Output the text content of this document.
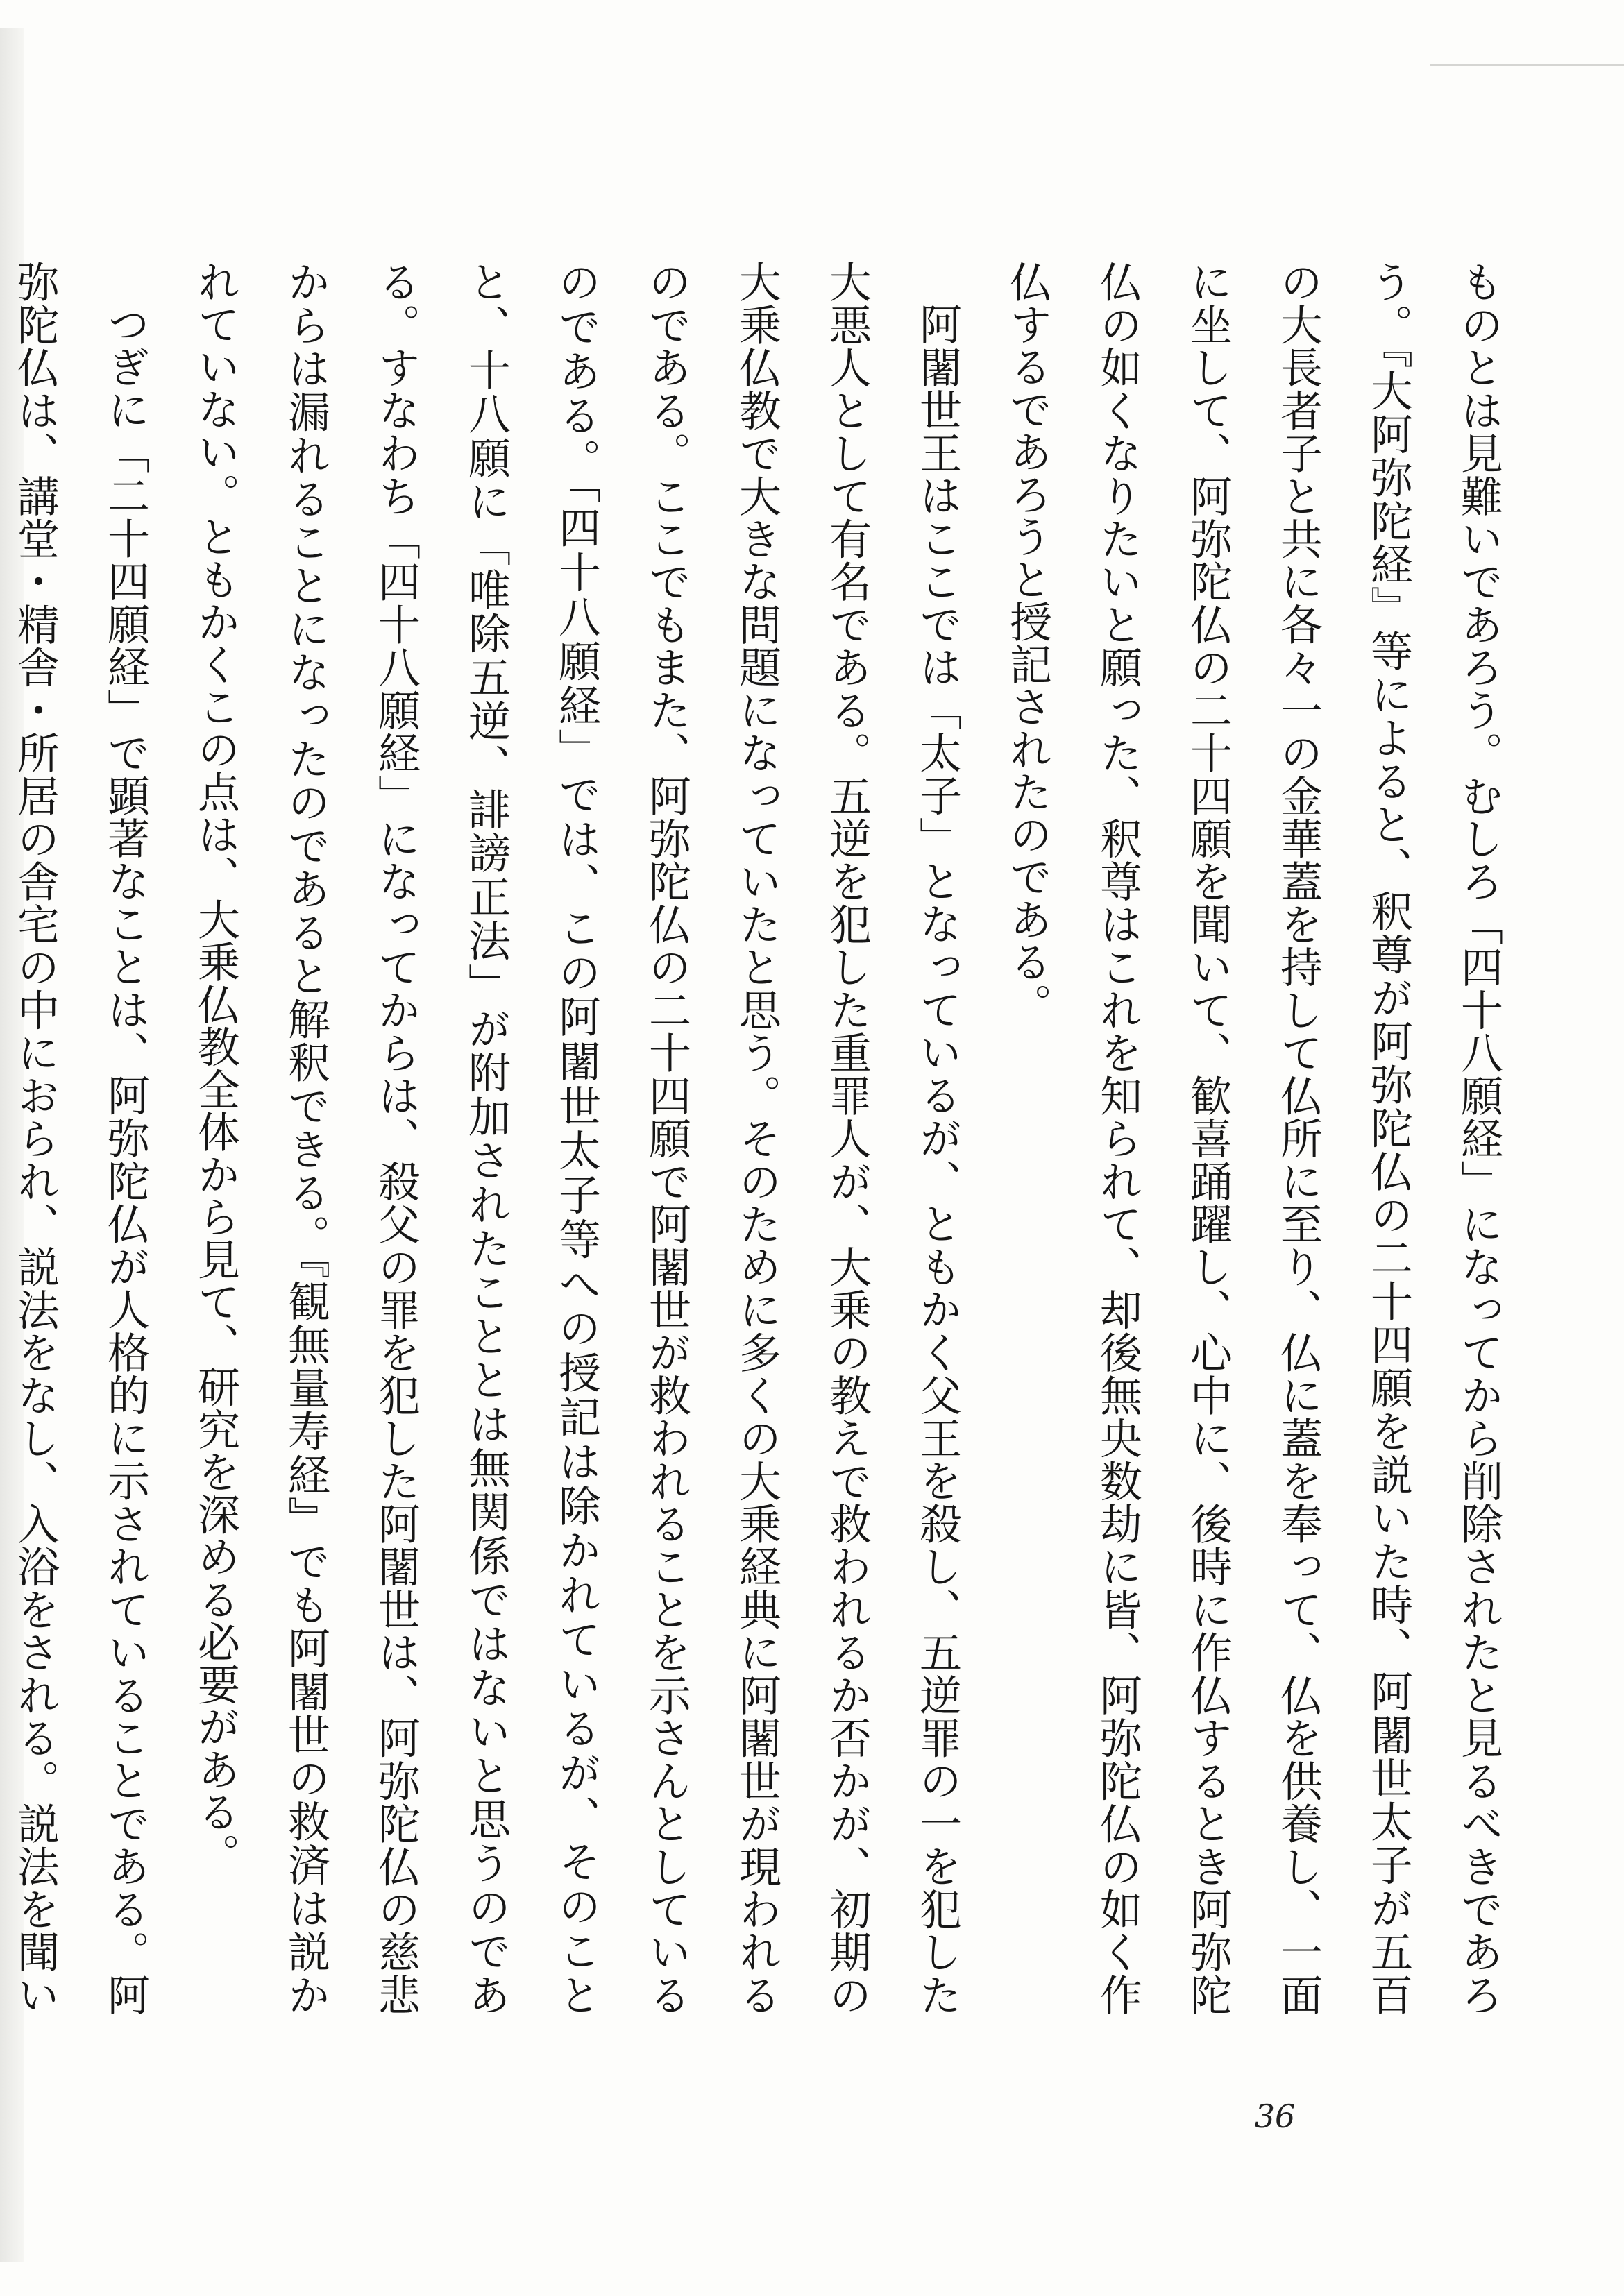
ものとは見難いであろう。むしろ「四十八願経」になってから削除されたと見るべきであろう。『大阿弥陀経』等によると、釈尊が阿弥陀仏の二十四願を説いた時、阿闍世太子が五百の大長者子と共に各々一の金華蓋を持して仏所に至り、仏に蓋を奉って、仏を供養し、一面に坐して、阿弥陀仏の二十四願を聞いて、歓喜踊躍し、心中に、後時に作仏するとき阿弥陀仏の如くなりたいと願った、釈尊はこれを知られて、却後無央数劫に皆、阿弥陀仏の如く作仏するであろうと授記されたのである。

阿闍世王はここでは「太子」となっているが、ともかく父王を殺し、五逆罪の一を犯した大悪人として有名である。五逆を犯した重罪人が、大乗の教えで救われるか否かが、初期の大乗仏教で大きな問題になっていたと思う。そのために多くの大乗経典に阿闍世が現われるのである。ここでもまた、阿弥陀仏の二十四願で阿闍世が救われることを示さんとしているのである。「四十八願経」では、この阿闍世太子等への授記は除かれているが、そのことと、十八願に「唯除五逆、誹謗正法」が附加されたこととは無関係ではないと思うのである。すなわち「四十八願経」になってからは、殺父の罪を犯した阿闍世は、阿弥陀仏の慈悲からは漏れることになったのであると解釈できる。『観無量寿経』でも阿闍世の救済は説かれていない。ともかくこの点は、大乗仏教全体から見て、研究を深める必要がある。

つぎに「二十四願経」で顕著なことは、阿弥陀仏が人格的に示されていることである。阿弥陀仏は、講堂・精舎・所居の舎宅の中におられ、説法をなし、入浴をされる。説法を聞い

36
